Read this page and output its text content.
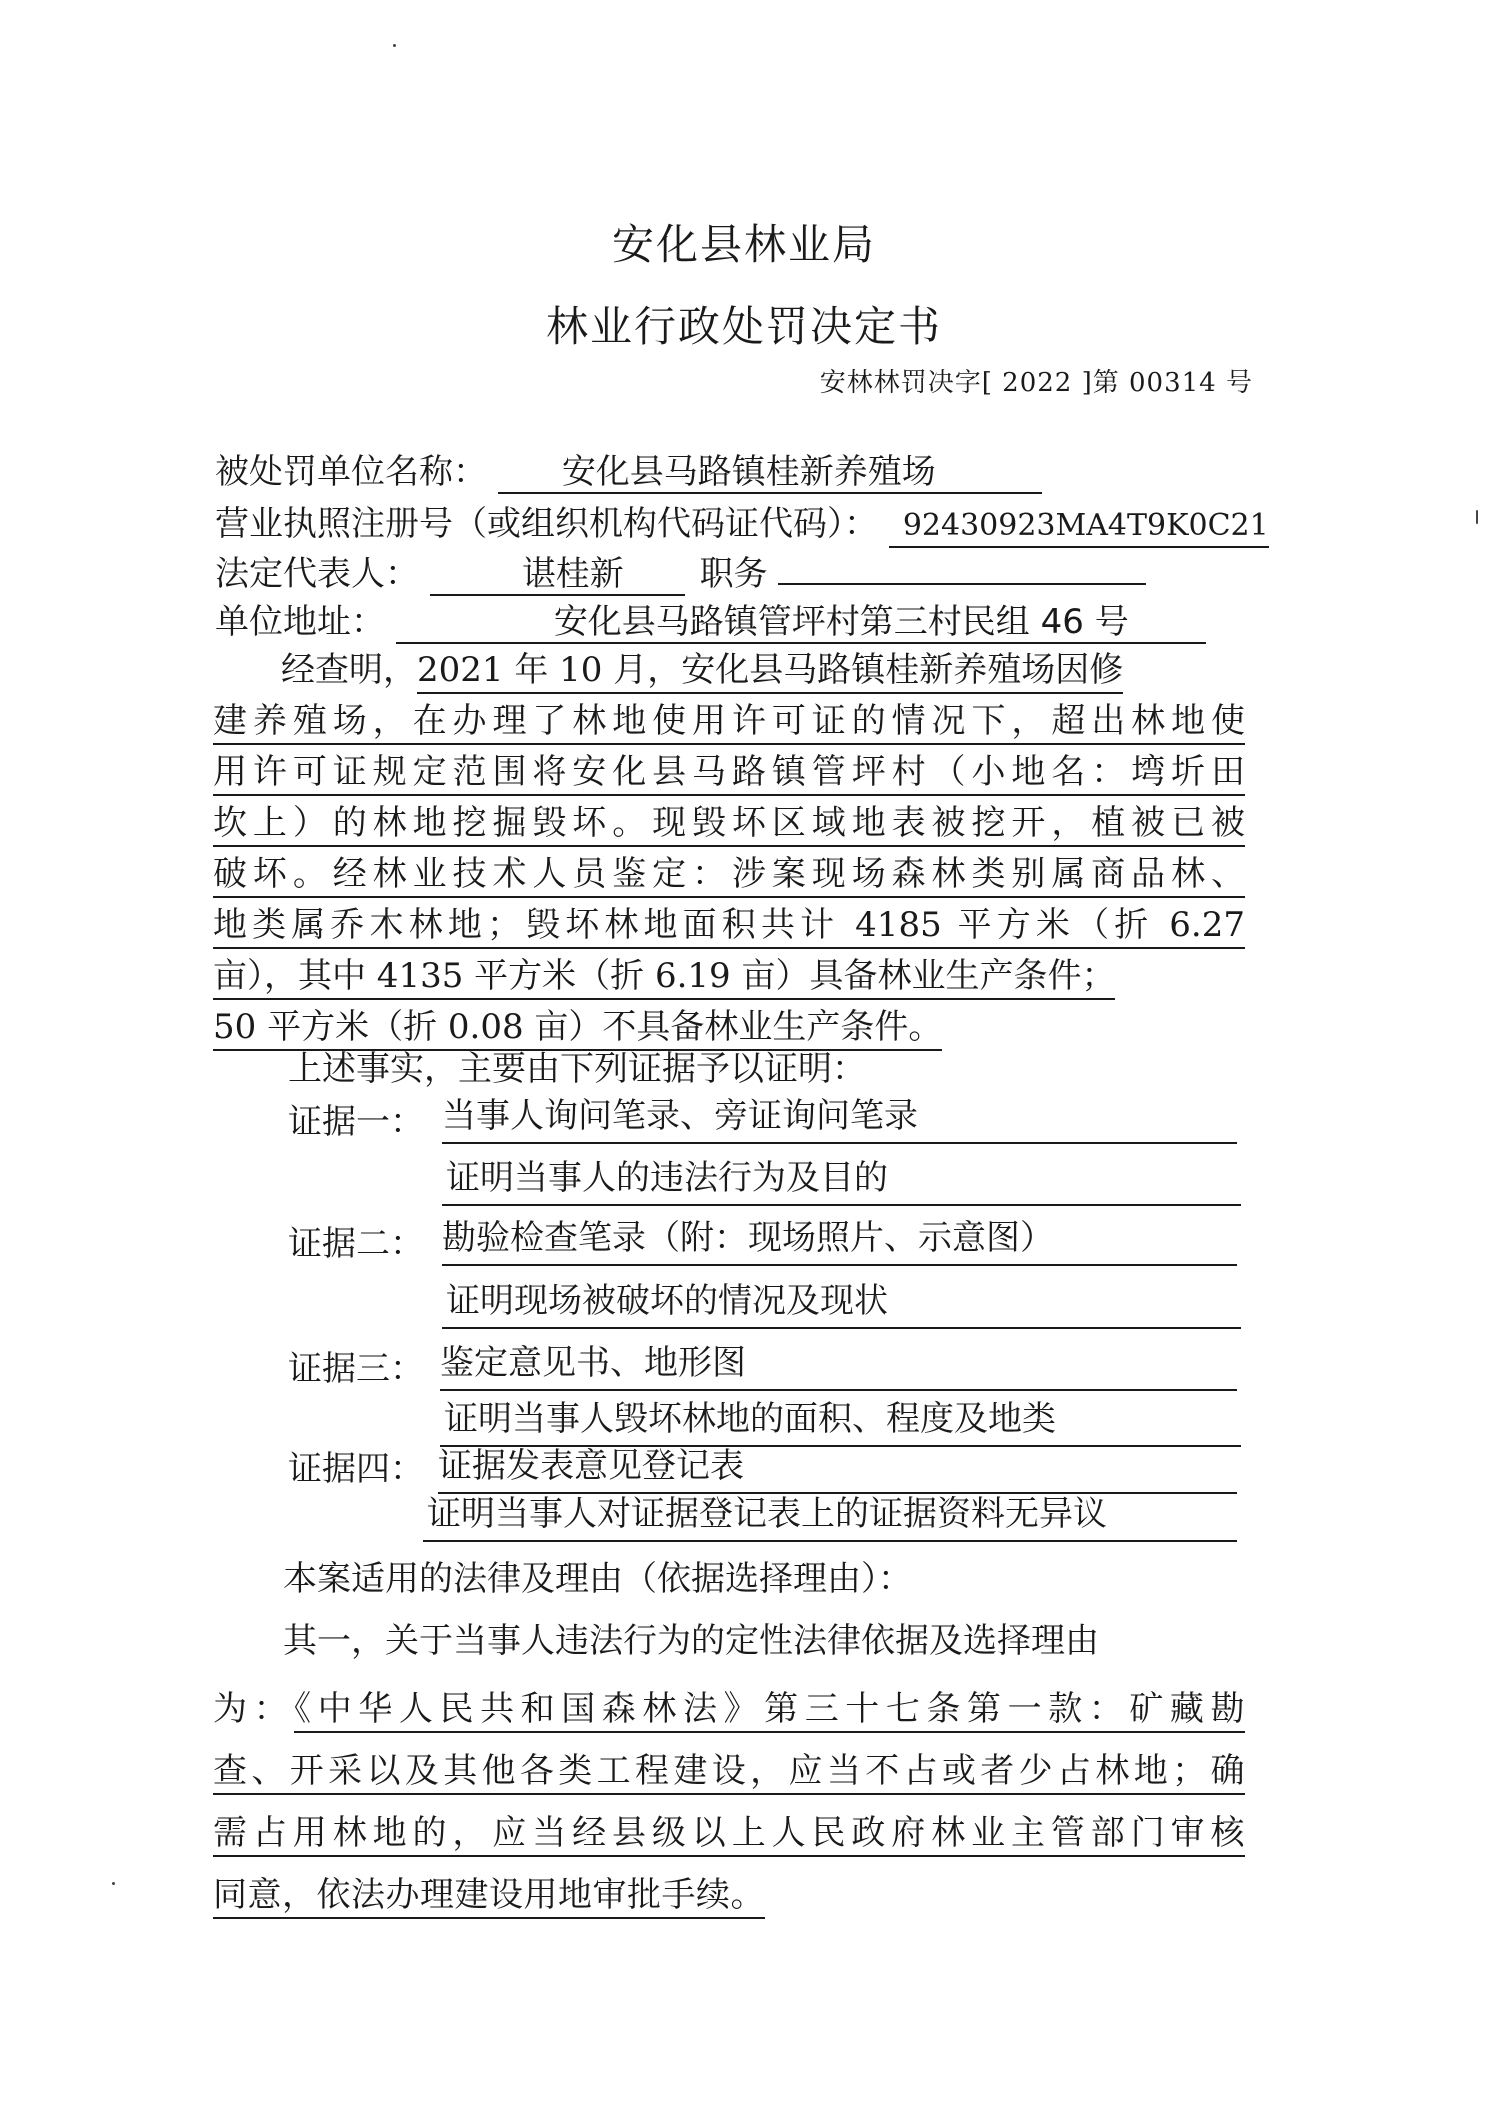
安化县林业局
林业行政处罚决定书
安林林罚决字[ 2022 ]第 00314 号
被处罚单位名称： 安化县马路镇桂新养殖场
营业执照注册号（或组织机构代码证代码）： 92430923MA4T9K0C21
法定代表人：	谌桂新 职务
单位地址：	安化县马路镇管坪村第三村民组 46 号
经查明，2021 年 10 月，安化县马路镇桂新养殖场因修
建养殖场，在办理了林地使用许可证的情况下，超出林地使
用许可证规定范围将安化县马路镇管坪村（小地名：塆圻田
坎上）的林地挖掘毁坏。现毁坏区域地表被挖开，植被已被
破坏。经林业技术人员鉴定：涉案现场森林类别属商品林、
地类属乔木林地；毁坏林地面积共计 4185 平方米（折 6.27
亩），其中 4135 平方米（折 6.19 亩）具备林业生产条件；
50 平方米（折 0.08 亩）不具备林业生产条件。
上述事实，主要由下列证据予以证明：
证据一： 当事人询问笔录、旁证询问笔录
证明当事人的违法行为及目的
证据二： 勘验检查笔录（附：现场照片、示意图）
证明现场被破坏的情况及现状
证据三： 鉴定意见书、地形图
证明当事人毁坏林地的面积、程度及地类
证据四： 证据发表意见登记表
证明当事人对证据登记表上的证据资料无异议
本案适用的法律及理由（依据选择理由）：
其一，关于当事人违法行为的定性法律依据及选择理由
为：《中华人民共和国森林法》第三十七条第一款：矿藏勘
查、开采以及其他各类工程建设，应当不占或者少占林地；确
需占用林地的，应当经县级以上人民政府林业主管部门审核
同意，依法办理建设用地审批手续。
